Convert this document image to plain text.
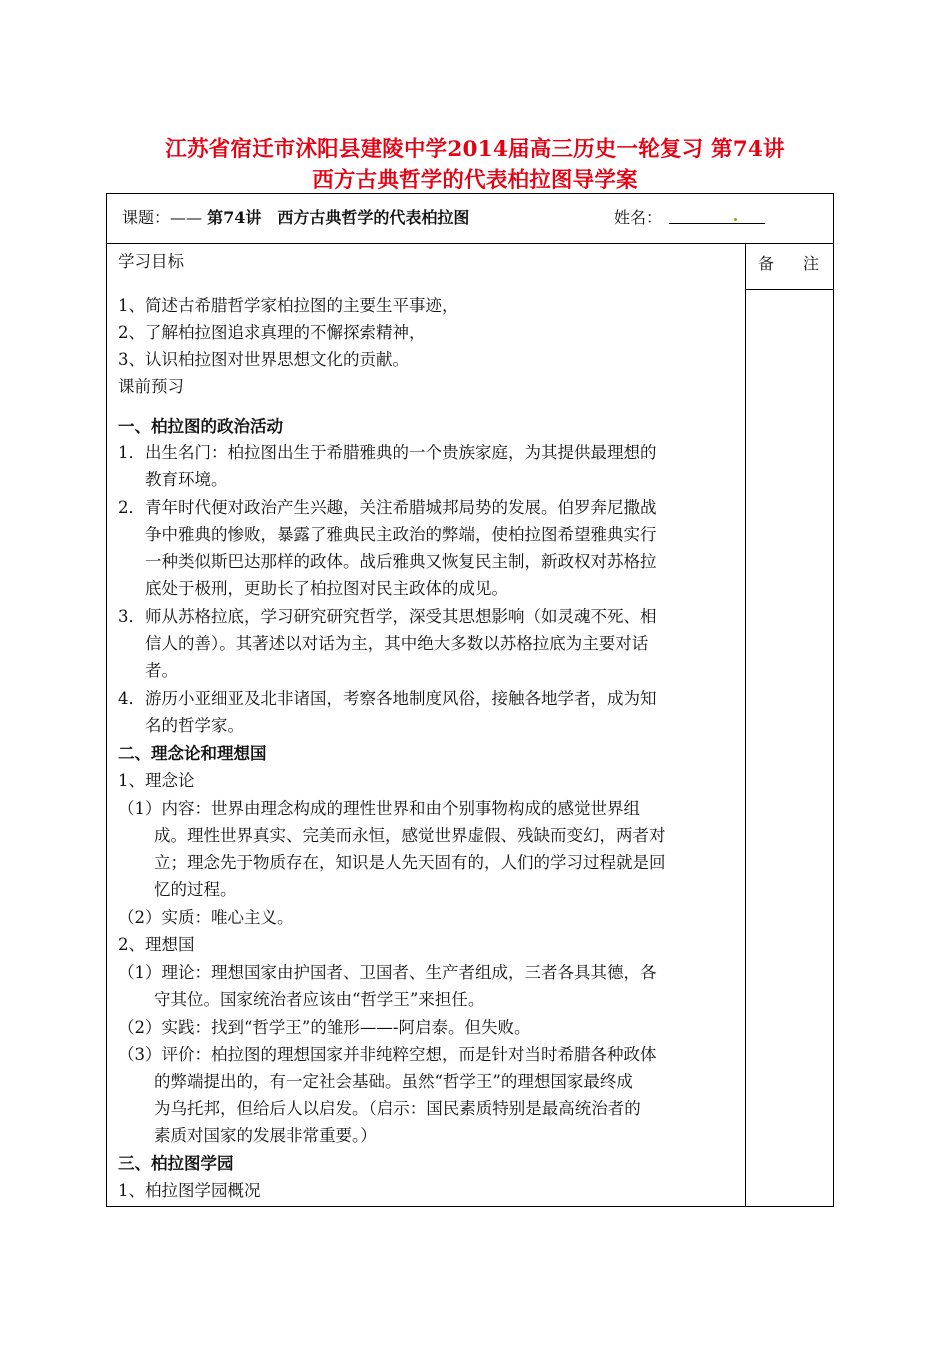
江苏省宿迁市沭阳县建陵中学2014届高三历史一轮复习 第74讲
西方古典哲学的代表柏拉图导学案
课题：—— 第74讲　西方古典哲学的代表柏拉图	姓名：
学习目标
1、简述古希腊哲学家柏拉图的主要生平事迹，
2、了解柏拉图追求真理的不懈探索精神，
3、认识柏拉图对世界思想文化的贡献。
课前预习
一、柏拉图的政治活动
1．出生名门：柏拉图出生于希腊雅典的一个贵族家庭，为其提供最理想的
教育环境。
2．青年时代便对政治产生兴趣，关注希腊城邦局势的发展。伯罗奔尼撒战
争中雅典的惨败，暴露了雅典民主政治的弊端，使柏拉图希望雅典实行
一种类似斯巴达那样的政体。战后雅典又恢复民主制，新政权对苏格拉
底处于极刑，更助长了柏拉图对民主政体的成见。
3．师从苏格拉底，学习研究研究哲学，深受其思想影响（如灵魂不死、相
信人的善）。其著述以对话为主，其中绝大多数以苏格拉底为主要对话
者。
4．游历小亚细亚及北非诸国，考察各地制度风俗，接触各地学者，成为知
名的哲学家。
二、理念论和理想国
1、理念论
（1）内容：世界由理念构成的理性世界和由个别事物构成的感觉世界组
成。理性世界真实、完美而永恒，感觉世界虚假、残缺而变幻，两者对
立；理念先于物质存在，知识是人先天固有的，人们的学习过程就是回
忆的过程。
（2）实质：唯心主义。
2、理想国
（1）理论：理想国家由护国者、卫国者、生产者组成，三者各具其德，各
守其位。国家统治者应该由“哲学王”来担任。
（2）实践：找到“哲学王”的雏形——-阿启泰。但失败。
（3）评价：柏拉图的理想国家并非纯粹空想，而是针对当时希腊各种政体
的弊端提出的，有一定社会基础。虽然“哲学王”的理想国家最终成
为乌托邦，但给后人以启发。（启示：国民素质特别是最高统治者的
素质对国家的发展非常重要。）
三、柏拉图学园
1、柏拉图学园概况
备 注
